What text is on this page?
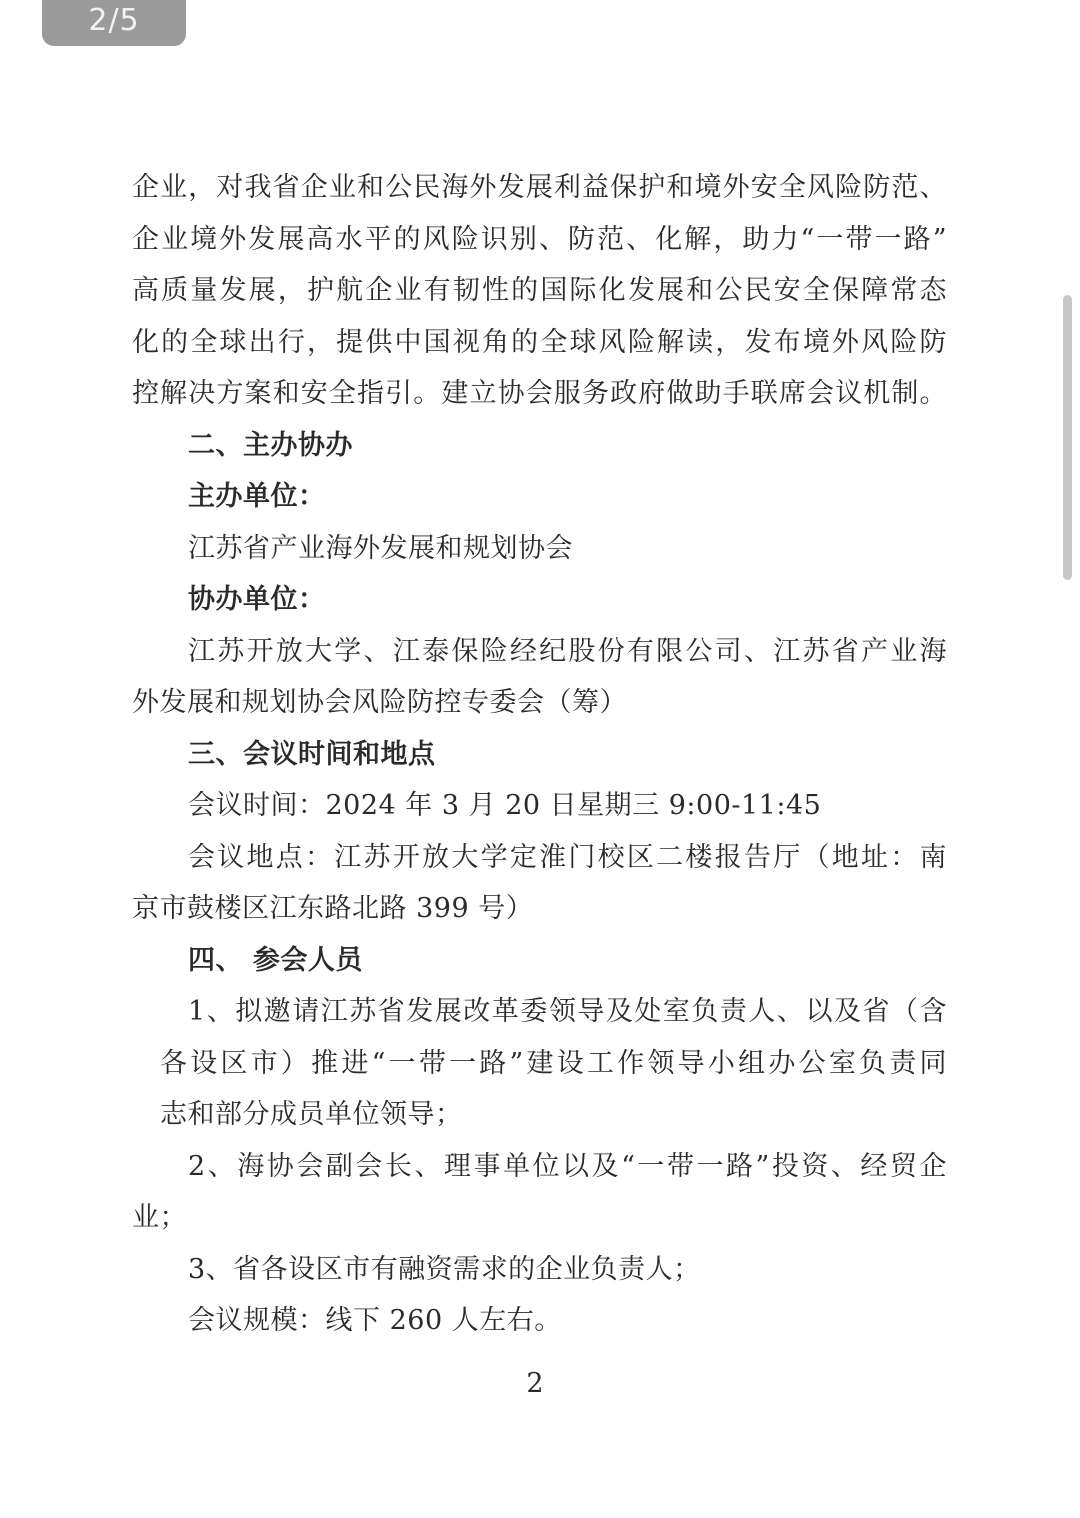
2/5
企业，对我省企业和公民海外发展利益保护和境外安全风险防范、
企业境外发展高水平的风险识别、防范、化解，助力“一带一路”
高质量发展，护航企业有韧性的国际化发展和公民安全保障常态
化的全球出行，提供中国视角的全球风险解读，发布境外风险防
控解决方案和安全指引。建立协会服务政府做助手联席会议机制。
二、主办协办
主办单位：
江苏省产业海外发展和规划协会
协办单位：
江苏开放大学、江泰保险经纪股份有限公司、江苏省产业海
外发展和规划协会风险防控专委会（筹）
三、会议时间和地点
会议时间：2024 年 3 月 20 日星期三 9:00-11:45
会议地点：江苏开放大学定淮门校区二楼报告厅（地址：南
京市鼓楼区江东路北路 399 号）
四、 参会人员
1、拟邀请江苏省发展改革委领导及处室负责人、以及省（含
各设区市）推进“一带一路”建设工作领导小组办公室负责同
志和部分成员单位领导；
2、海协会副会长、理事单位以及“一带一路”投资、经贸企
业；
3、省各设区市有融资需求的企业负责人；
会议规模：线下 260 人左右。
2
